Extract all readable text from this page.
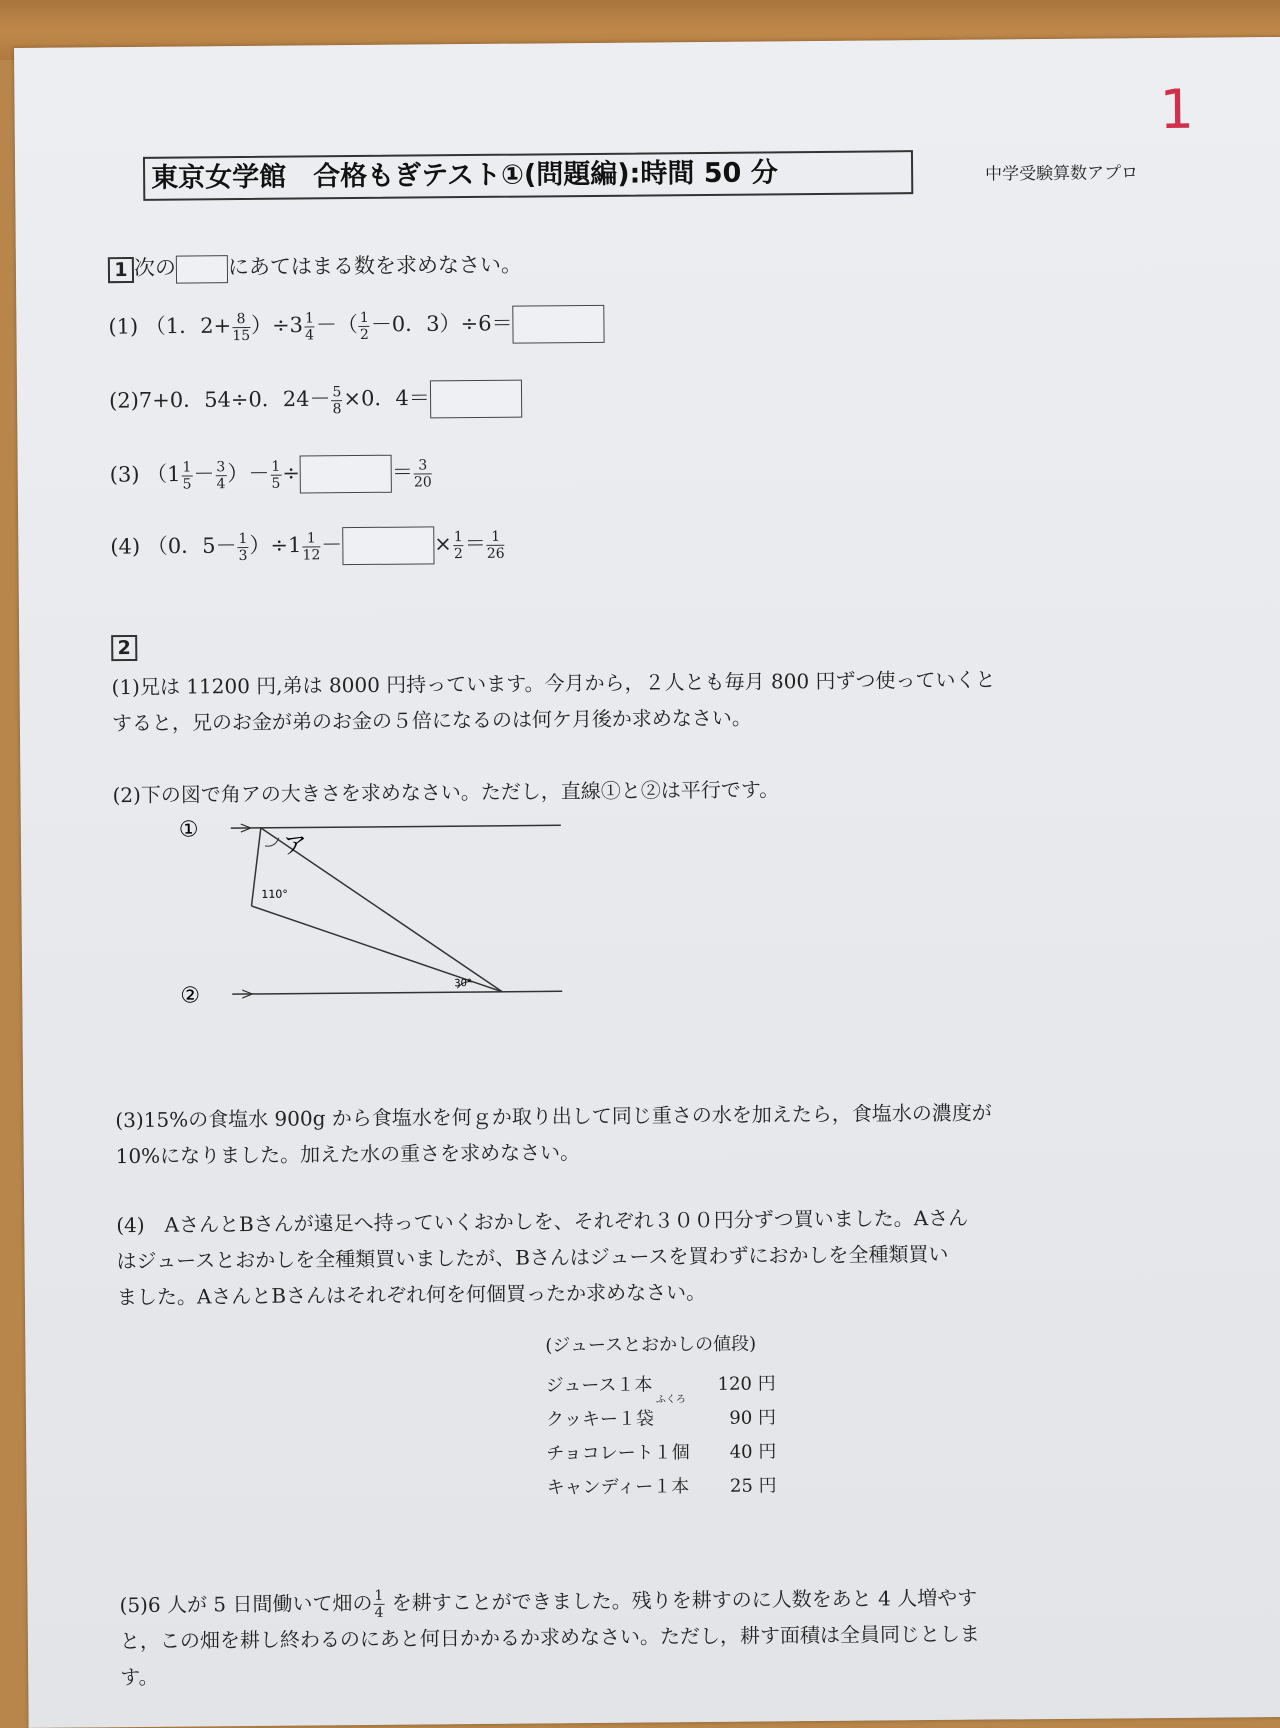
1
東京女学館　合格もぎテスト①(問題編):時間 50 分	中学受験算数アプロ
1 次の にあてはまる数を求めなさい。
(1) （1．$2+ \frac{8}{15} )\div 3 \frac{1}{4}$ －（ $\frac{1}{2} -0$．3）÷6＝
(2)7+0．54÷0．$24- \frac{5}{8} \times 0$．4＝
(3) （$1 \frac{1}{5} - \frac{3}{4}$ ）－ $\frac{1}{5}$ ÷	＝ $\frac{3}{20}$
(4) （0．$5- \frac{1}{3} )\div 1 \frac{1}{12}$ －	× $\frac{1}{2} = \frac{1}{26}$
2
(1)兄は 11200 円,弟は 8000 円持っています。今月から，２人とも毎月 800 円ずつ使っていくと
すると，兄のお金が弟のお金の５倍になるのは何ケ月後か求めなさい。
(2)下の図で角アの大きさを求めなさい。ただし，直線①と②は平行です。
①
②
ア
110°
30°
(3)15%の食塩水 900g から食塩水を何ｇか取り出して同じ重さの水を加えたら，食塩水の濃度が
10%になりました。加えた水の重さを求めなさい。
(4)　AさんとBさんが遠足へ持っていくおかしを、それぞれ３００円分ずつ買いました。Aさん
はジュースとおかしを全種類買いましたが、Bさんはジュースを買わずにおかしを全種類買い
ました。AさんとBさんはそれぞれ何を何個買ったか求めなさい。
(ジュースとおかしの値段)
ふくろ
ジュース１本	120 円
クッキー１袋	90 円
チョコレート１個	40 円
キャンディー１本	25 円
(5)6 人が 5 日間働いて畑の $\frac{1}{4}$ を耕すことができました。残りを耕すのに人数をあと 4 人増やす
と，この畑を耕し終わるのにあと何日かかるか求めなさい。ただし，耕す面積は全員同じとしま
す。
